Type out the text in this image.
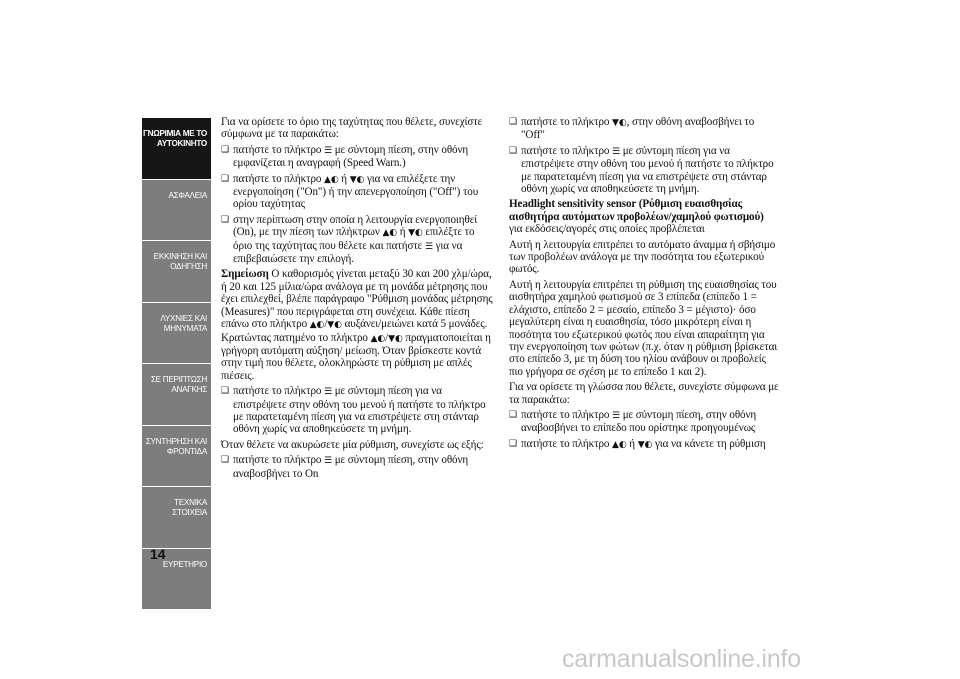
ΓΝΩΡΙΜΙΑ ΜΕ ΤΟ ΑΥΤΟΚΙΝΗΤΟ
ΑΣΦΑΛΕΙΑ
ΕΚΚΙΝΗΣΗ ΚΑΙ ΟΔΗΓΗΣΗ
ΛΥΧΝΙΕΣ ΚΑΙ ΜΗΝΥΜΑΤΑ
ΣΕ ΠΕΡΙΠΤΩΣΗ ΑΝΑΓΚΗΣ
ΣΥΝΤΗΡΗΣΗ ΚΑΙ ΦΡΟΝΤΙΔΑ
ΤΕΧΝΙΚΑ ΣΤΟΙΧΕΙΑ
ΕΥΡΕΤΗΡΙΟ
14

Για να ορίσετε το όριο της ταχύτητας που θέλετε, συνεχίστε σύμφωνα με τα παρακάτω:

❑ πατήστε το πλήκτρο ☰ με σύντομη πίεση, στην οθόνη εμφανίζεται η αναγραφή (Speed Warn.)

❑ πατήστε το πλήκτρο ▲◐ ή ▼◐ για να επιλέξετε την ενεργοποίηση ("On") ή την απενεργοποίηση ("Off") του ορίου ταχύτητας

❑ στην περίπτωση στην οποία η λειτουργία ενεργοποιηθεί (On), με την πίεση των πλήκτρων ▲◐ ή ▼◐ επιλέξτε το όριο της ταχύτητας που θέλετε και πατήστε ☰ για να επιβεβαιώσετε την επιλογή.

Σημείωση Ο καθορισμός γίνεται μεταξύ 30 και 200 χλμ/ώρα, ή 20 και 125 μίλια/ώρα ανάλογα με τη μονάδα μέτρησης που έχει επιλεχθεί, βλέπε παράγραφο "Ρύθμιση μονάδας μέτρησης (Measures)" που περιγράφεται στη συνέχεια. Κάθε πίεση επάνω στο πλήκτρο ▲◐/▼◐ αυξάνει/μειώνει κατά 5 μονάδες. Κρατώντας πατημένο το πλήκτρο ▲◐/▼◐ πραγματοποιείται η γρήγορη αυτόματη αύξηση/ μείωση. Όταν βρίσκεστε κοντά στην τιμή που θέλετε, ολοκληρώστε τη ρύθμιση με απλές πιέσεις.

❑ πατήστε το πλήκτρο ☰ με σύντομη πίεση για να επιστρέψετε στην οθόνη του μενού ή πατήστε το πλήκτρο με παρατεταμένη πίεση για να επιστρέψετε στη στάνταρ οθόνη χωρίς να αποθηκεύσετε τη μνήμη.

Όταν θέλετε να ακυρώσετε μία ρύθμιση, συνεχίστε ως εξής:

❑ πατήστε το πλήκτρο ☰ με σύντομη πίεση, στην οθόνη αναβοσβήνει το On

❑ πατήστε το πλήκτρο ▼◐, στην οθόνη αναβοσβήνει το "Off"

❑ πατήστε το πλήκτρο ☰ με σύντομη πίεση για να επιστρέψετε στην οθόνη του μενού ή πατήστε το πλήκτρο με παρατεταμένη πίεση για να επιστρέψετε στη στάνταρ οθόνη χωρίς να αποθηκεύσετε τη μνήμη.

Headlight sensitivity sensor (Ρύθμιση ευαισθησίας αισθητήρα αυτόματων προβολέων/χαμηλού φωτισμού) για εκδόσεις/αγορές στις οποίες προβλέπεται

Αυτή η λειτουργία επιτρέπει το αυτόματο άναμμα ή σβήσιμο των προβολέων ανάλογα με την ποσότητα του εξωτερικού φωτός.

Αυτή η λειτουργία επιτρέπει τη ρύθμιση της ευαισθησίας του αισθητήρα χαμηλού φωτισμού σε 3 επίπεδα (επίπεδο 1 = ελάχιστο, επίπεδο 2 = μεσαίο, επίπεδο 3 = μέγιστο)· όσο μεγαλύτερη είναι η ευαισθησία, τόσο μικρότερη είναι η ποσότητα του εξωτερικού φωτός που είναι απαραίτητη για την ενεργοποίηση των φώτων (π.χ. όταν η ρύθμιση βρίσκεται στο επίπεδο 3, με τη δύση του ηλίου ανάβουν οι προβολείς πιο γρήγορα σε σχέση με το επίπεδο 1 και 2).

Για να ορίσετε τη γλώσσα που θέλετε, συνεχίστε σύμφωνα με τα παρακάτω:

❑ πατήστε το πλήκτρο ☰ με σύντομη πίεση, στην οθόνη αναβοσβήνει το επίπεδο που ορίστηκε προηγουμένως

❑ πατήστε το πλήκτρο ▲◐ ή ▼◐ για να κάνετε τη ρύθμιση

carmanualsonline.info
